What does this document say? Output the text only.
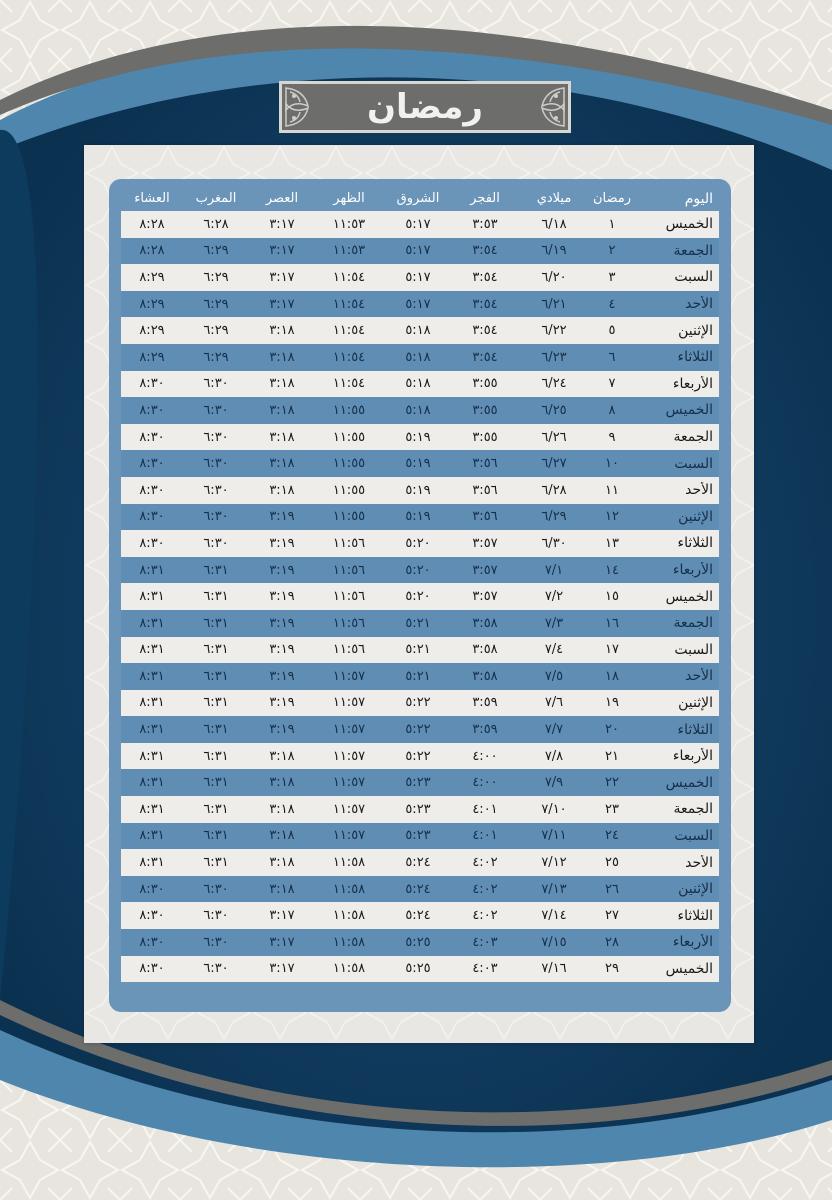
رمضان
اليوم
رمضان
ميلادي
الفجر
الشروق
الظهر
العصر
المغرب
العشاء
الخميس
١
٦/١٨
٣:٥٣
٥:١٧
١١:٥٣
٣:١٧
٦:٢٨
٨:٢٨
الجمعة
٢
٦/١٩
٣:٥٤
٥:١٧
١١:٥٣
٣:١٧
٦:٢٩
٨:٢٨
السبت
٣
٦/٢٠
٣:٥٤
٥:١٧
١١:٥٤
٣:١٧
٦:٢٩
٨:٢٩
الأحد
٤
٦/٢١
٣:٥٤
٥:١٧
١١:٥٤
٣:١٧
٦:٢٩
٨:٢٩
الإثنين
٥
٦/٢٢
٣:٥٤
٥:١٨
١١:٥٤
٣:١٨
٦:٢٩
٨:٢٩
الثلاثاء
٦
٦/٢٣
٣:٥٤
٥:١٨
١١:٥٤
٣:١٨
٦:٢٩
٨:٢٩
الأربعاء
٧
٦/٢٤
٣:٥٥
٥:١٨
١١:٥٤
٣:١٨
٦:٣٠
٨:٣٠
الخميس
٨
٦/٢٥
٣:٥٥
٥:١٨
١١:٥٥
٣:١٨
٦:٣٠
٨:٣٠
الجمعة
٩
٦/٢٦
٣:٥٥
٥:١٩
١١:٥٥
٣:١٨
٦:٣٠
٨:٣٠
السبت
١٠
٦/٢٧
٣:٥٦
٥:١٩
١١:٥٥
٣:١٨
٦:٣٠
٨:٣٠
الأحد
١١
٦/٢٨
٣:٥٦
٥:١٩
١١:٥٥
٣:١٨
٦:٣٠
٨:٣٠
الإثنين
١٢
٦/٢٩
٣:٥٦
٥:١٩
١١:٥٥
٣:١٩
٦:٣٠
٨:٣٠
الثلاثاء
١٣
٦/٣٠
٣:٥٧
٥:٢٠
١١:٥٦
٣:١٩
٦:٣٠
٨:٣٠
الأربعاء
١٤
٧/١
٣:٥٧
٥:٢٠
١١:٥٦
٣:١٩
٦:٣١
٨:٣١
الخميس
١٥
٧/٢
٣:٥٧
٥:٢٠
١١:٥٦
٣:١٩
٦:٣١
٨:٣١
الجمعة
١٦
٧/٣
٣:٥٨
٥:٢١
١١:٥٦
٣:١٩
٦:٣١
٨:٣١
السبت
١٧
٧/٤
٣:٥٨
٥:٢١
١١:٥٦
٣:١٩
٦:٣١
٨:٣١
الأحد
١٨
٧/٥
٣:٥٨
٥:٢١
١١:٥٧
٣:١٩
٦:٣١
٨:٣١
الإثنين
١٩
٧/٦
٣:٥٩
٥:٢٢
١١:٥٧
٣:١٩
٦:٣١
٨:٣١
الثلاثاء
٢٠
٧/٧
٣:٥٩
٥:٢٢
١١:٥٧
٣:١٩
٦:٣١
٨:٣١
الأربعاء
٢١
٧/٨
٤:٠٠
٥:٢٢
١١:٥٧
٣:١٨
٦:٣١
٨:٣١
الخميس
٢٢
٧/٩
٤:٠٠
٥:٢٣
١١:٥٧
٣:١٨
٦:٣١
٨:٣١
الجمعة
٢٣
٧/١٠
٤:٠١
٥:٢٣
١١:٥٧
٣:١٨
٦:٣١
٨:٣١
السبت
٢٤
٧/١١
٤:٠١
٥:٢٣
١١:٥٧
٣:١٨
٦:٣١
٨:٣١
الأحد
٢٥
٧/١٢
٤:٠٢
٥:٢٤
١١:٥٨
٣:١٨
٦:٣١
٨:٣١
الإثنين
٢٦
٧/١٣
٤:٠٢
٥:٢٤
١١:٥٨
٣:١٨
٦:٣٠
٨:٣٠
الثلاثاء
٢٧
٧/١٤
٤:٠٢
٥:٢٤
١١:٥٨
٣:١٧
٦:٣٠
٨:٣٠
الأربعاء
٢٨
٧/١٥
٤:٠٣
٥:٢٥
١١:٥٨
٣:١٧
٦:٣٠
٨:٣٠
الخميس
٢٩
٧/١٦
٤:٠٣
٥:٢٥
١١:٥٨
٣:١٧
٦:٣٠
٨:٣٠
